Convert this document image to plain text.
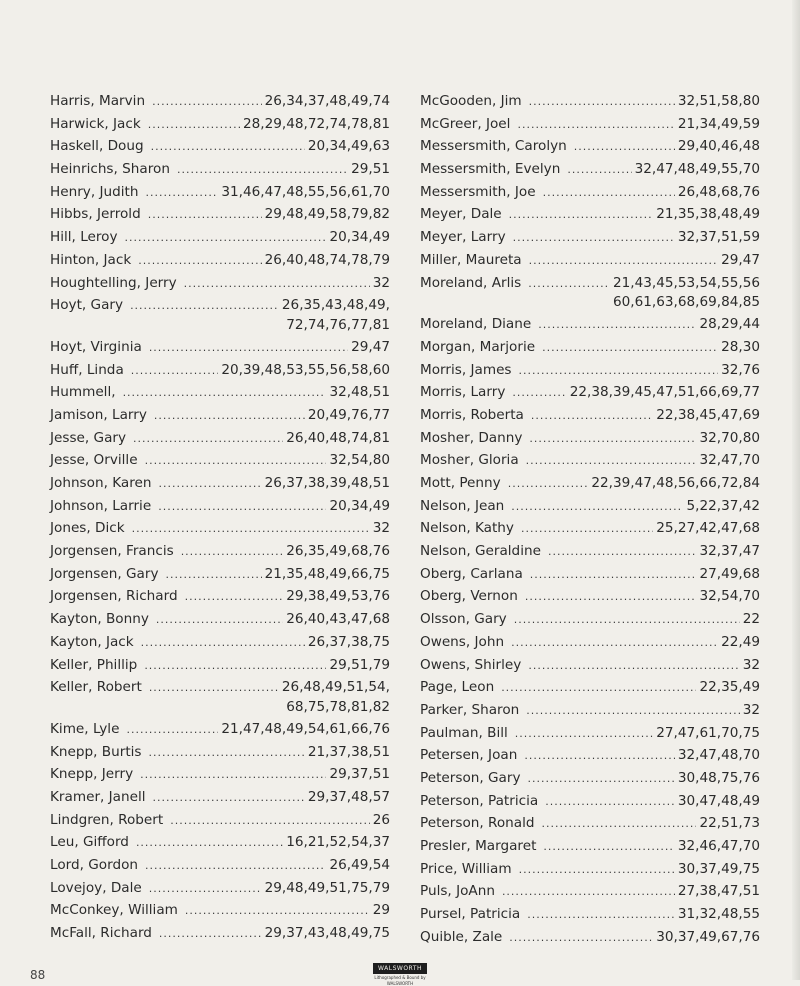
Harris, Marvin .....	26,34,37,48,49,74
Harwick, Jack .....	28,29,48,72,74,78,81
Haskell, Doug .....	20,34,49,63
Heinrichs, Sharon .....	29,51
Henry, Judith .....	31,46,47,48,55,56,61,70
Hibbs, Jerrold .....	29,48,49,58,79,82
Hill, Leroy .....	20,34,49
Hinton, Jack .....	26,40,48,74,78,79
Houghtelling, Jerry .....	32
Hoyt, Gary .....	26,35,43,48,49,
72,74,76,77,81
Hoyt, Virginia .....	29,47
Huff, Linda .....	20,39,48,53,55,56,58,60
Hummell, .....	32,48,51
Jamison, Larry .....	20,49,76,77
Jesse, Gary .....	26,40,48,74,81
Jesse, Orville .....	32,54,80
Johnson, Karen .....	26,37,38,39,48,51
Johnson, Larrie .....	20,34,49
Jones, Dick .....	32
Jorgensen, Francis .....	26,35,49,68,76
Jorgensen, Gary .....	21,35,48,49,66,75
Jorgensen, Richard .....	29,38,49,53,76
Kayton, Bonny .....	26,40,43,47,68
Kayton, Jack .....	26,37,38,75
Keller, Phillip .....	29,51,79
Keller, Robert .....	26,48,49,51,54,
68,75,78,81,82
Kime, Lyle .....	21,47,48,49,54,61,66,76
Knepp, Burtis .....	21,37,38,51
Knepp, Jerry .....	29,37,51
Kramer, Janell .....	29,37,48,57
Lindgren, Robert .....	26
Leu, Gifford .....	16,21,52,54,37
Lord, Gordon .....	26,49,54
Lovejoy, Dale .....	29,48,49,51,75,79
McConkey, William .....	29
McFall, Richard .....	29,37,43,48,49,75
McGooden, Jim .....	32,51,58,80
McGreer, Joel .....	21,34,49,59
Messersmith, Carolyn .....	29,40,46,48
Messersmith, Evelyn .....	32,47,48,49,55,70
Messersmith, Joe .....	26,48,68,76
Meyer, Dale .....	21,35,38,48,49
Meyer, Larry .....	32,37,51,59
Miller, Maureta .....	29,47
Moreland, Arlis .....	21,43,45,53,54,55,56
60,61,63,68,69,84,85
Moreland, Diane .....	28,29,44
Morgan, Marjorie .....	28,30
Morris, James .....	32,76
Morris, Larry .....	22,38,39,45,47,51,66,69,77
Morris, Roberta .....	22,38,45,47,69
Mosher, Danny .....	32,70,80
Mosher, Gloria .....	32,47,70
Mott, Penny .....	22,39,47,48,56,66,72,84
Nelson, Jean .....	5,22,37,42
Nelson, Kathy .....	25,27,42,47,68
Nelson, Geraldine .....	32,37,47
Oberg, Carlana .....	27,49,68
Oberg, Vernon .....	32,54,70
Olsson, Gary .....	22
Owens, John .....	22,49
Owens, Shirley .....	32
Page, Leon .....	22,35,49
Parker, Sharon .....	32
Paulman, Bill .....	27,47,61,70,75
Petersen, Joan .....	32,47,48,70
Peterson, Gary .....	30,48,75,76
Peterson, Patricia .....	30,47,48,49
Peterson, Ronald .....	22,51,73
Presler, Margaret .....	32,46,47,70
Price, William .....	30,37,49,75
Puls, JoAnn .....	27,38,47,51
Pursel, Patricia .....	31,32,48,55
Quible, Zale .....	30,37,49,67,76
WALSWORTH
Lithographed & Bound by
WALSWORTH
88
